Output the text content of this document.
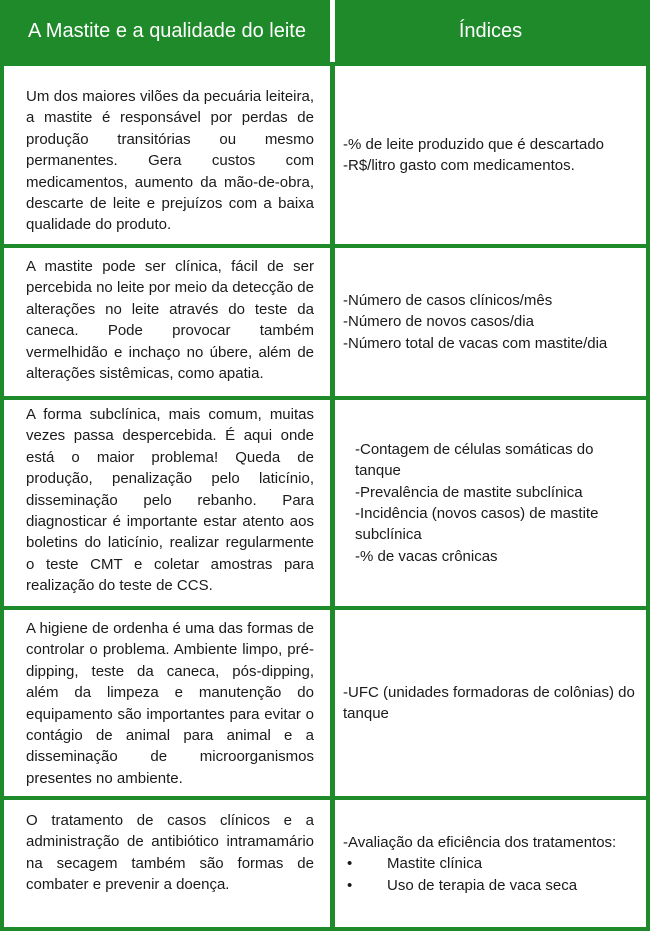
A Mastite e a qualidade do leite	Índices

Um dos maiores vilões da pecuária leiteira, a mastite é responsável por perdas de produção transitórias ou mesmo permanentes. Gera custos com medicamentos, aumento da mão-de-obra, descarte de leite e prejuízos com a baixa qualidade do produto.

-% de leite produzido que é descartado
-R$/litro gasto com medicamentos.

A mastite pode ser clínica, fácil de ser percebida no leite por meio da detecção de alterações no leite através do teste da caneca. Pode provocar também vermelhidão e inchaço no úbere, além de alterações sistêmicas, como apatia.

-Número de casos clínicos/mês
-Número de novos casos/dia
-Número total de vacas com mastite/dia

A forma subclínica, mais comum, muitas vezes passa despercebida. É aqui onde está o maior problema! Queda de produção, penalização pelo laticínio, disseminação pelo rebanho. Para diagnosticar é importante estar atento aos boletins do laticínio, realizar regularmente o teste CMT e coletar amostras para realização do teste de CCS.

-Contagem de células somáticas do tanque
-Prevalência de mastite subclínica
-Incidência (novos casos) de mastite subclínica
-% de vacas crônicas

A higiene de ordenha é uma das formas de controlar o problema. Ambiente limpo, pré-dipping, teste da caneca, pós-dipping, além da limpeza e manutenção do equipamento são importantes para evitar o contágio de animal para animal e a disseminação de microorganismos presentes no ambiente.

-UFC (unidades formadoras de colônias) do tanque

O tratamento de casos clínicos e a administração de antibiótico intramamário na secagem também são formas de combater e prevenir a doença.

-Avaliação da eficiência dos tratamentos:
• Mastite clínica
• Uso de terapia de vaca seca
